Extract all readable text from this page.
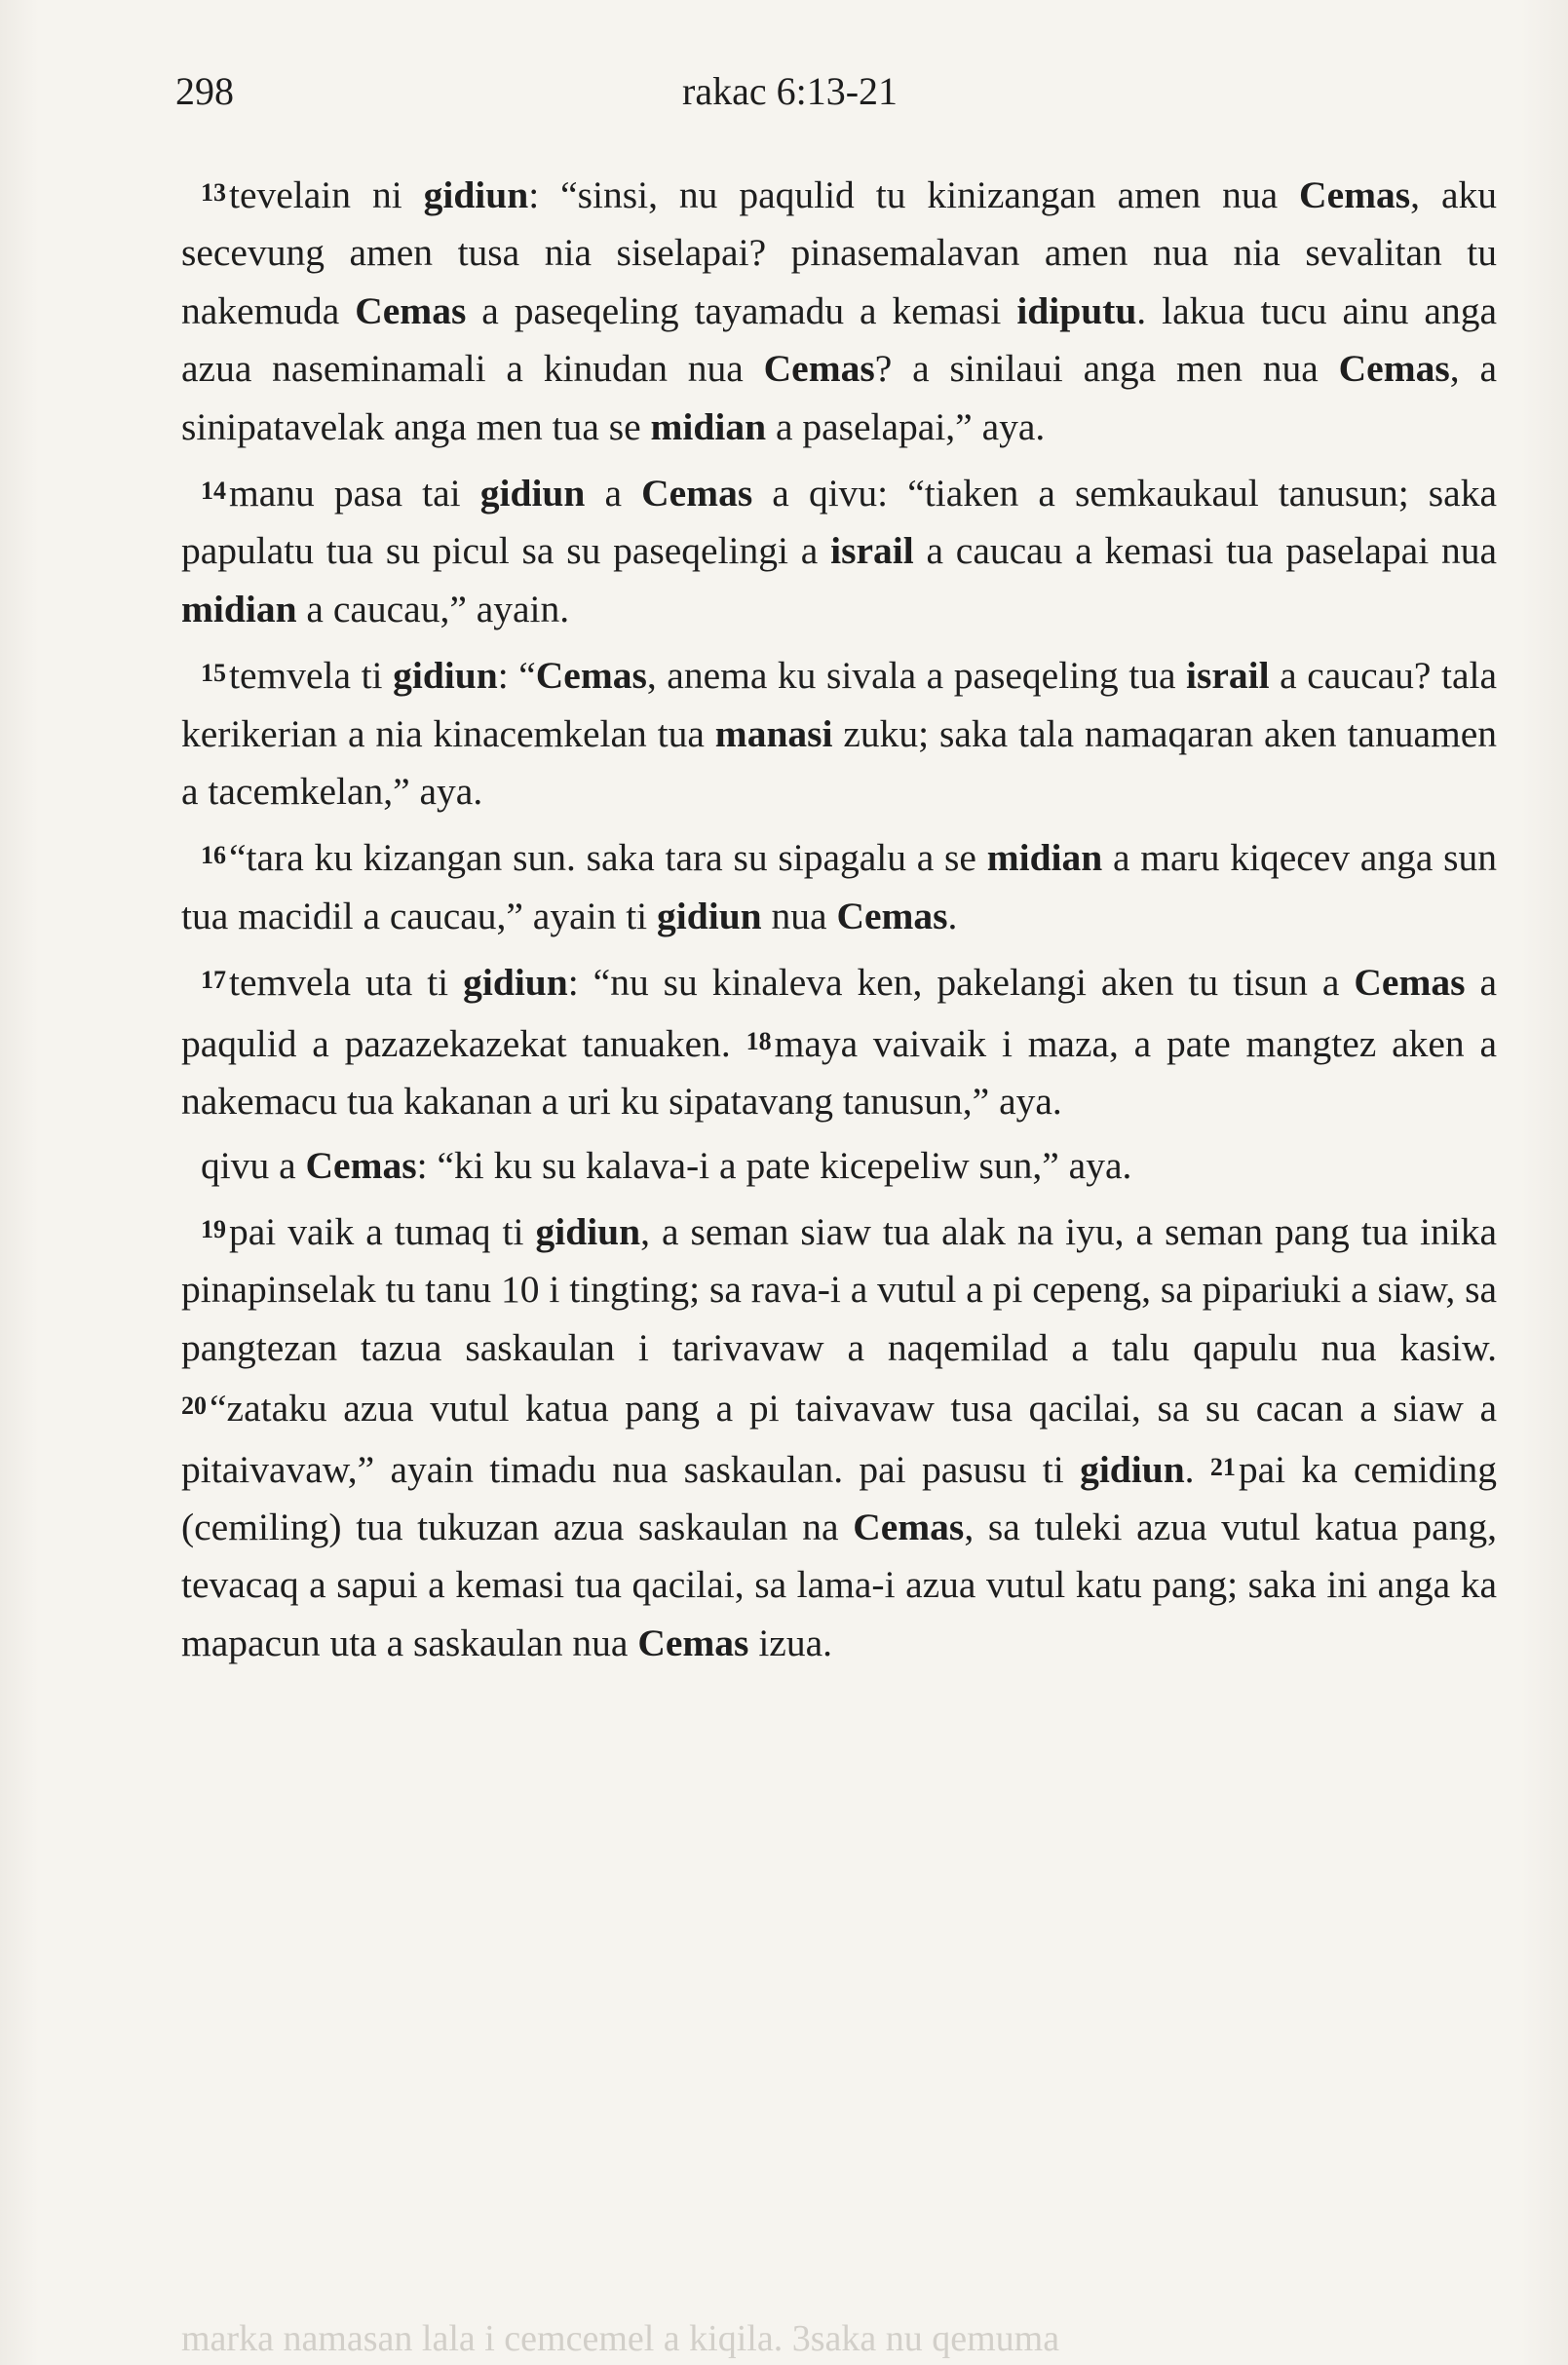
298	rakac 6:13-21

13tevelain ni gidiun: “sinsi, nu paqulid tu kinizangan amen nua Cemas, aku secevung amen tusa nia siselapai? pinasemalavan amen nua nia sevalitan tu nakemuda Cemas a paseqeling tayamadu a kemasi idiputu. lakua tucu ainu anga azua naseminamali a kinudan nua Cemas? a sinilaui anga men nua Cemas, a sinipatavelak anga men tua se midian a paselapai,” aya.

14manu pasa tai gidiun a Cemas a qivu: “tiaken a semkaukaul tanusun; saka papulatu tua su picul sa su paseqelingi a israil a caucau a kemasi tua paselapai nua midian a caucau,” ayain.

15temvela ti gidiun: “Cemas, anema ku sivala a paseqeling tua israil a caucau? tala kerikerian a nia kinacemkelan tua manasi zuku; saka tala namaqaran aken tanuamen a tacemkelan,” aya.

16“tara ku kizangan sun. saka tara su sipagalu a se midian a maru kiqecev anga sun tua macidil a caucau,” ayain ti gidiun nua Cemas.

17temvela uta ti gidiun: “nu su kinaleva ken, pakelangi aken tu tisun a Cemas a paqulid a pazazekazekat tanuaken. 18maya vaivaik i maza, a pate mangtez aken a nakemacu tua kakanan a uri ku sipatavang tanusun,” aya.

qivu a Cemas: “ki ku su kalava-i a pate kicepeliw sun,” aya.

19pai vaik a tumaq ti gidiun, a seman siaw tua alak na iyu, a seman pang tua inika pinapinselak tu tanu 10 i tingting; sa rava-i a vutul a pi cepeng, sa pipariuki a siaw, sa pangtezan tazua saskaulan i tarivavaw a naqemilad a talu qapulu nua kasiw. 20“zataku azua vutul katua pang a pi taivavaw tusa qacilai, sa su cacan a siaw a pitaivavaw,” ayain timadu nua saskaulan. pai pasusu ti gidiun. 21pai ka cemiding (cemiling) tua tukuzan azua saskaulan na Cemas, sa tuleki azua vutul katua pang, tevacaq a sapui a kemasi tua qacilai, sa lama-i azua vutul katu pang; saka ini anga ka mapacun uta a saskaulan nua Cemas izua.

marka namasan lala i cemcemel a kiqila. 3saka nu qemuma
